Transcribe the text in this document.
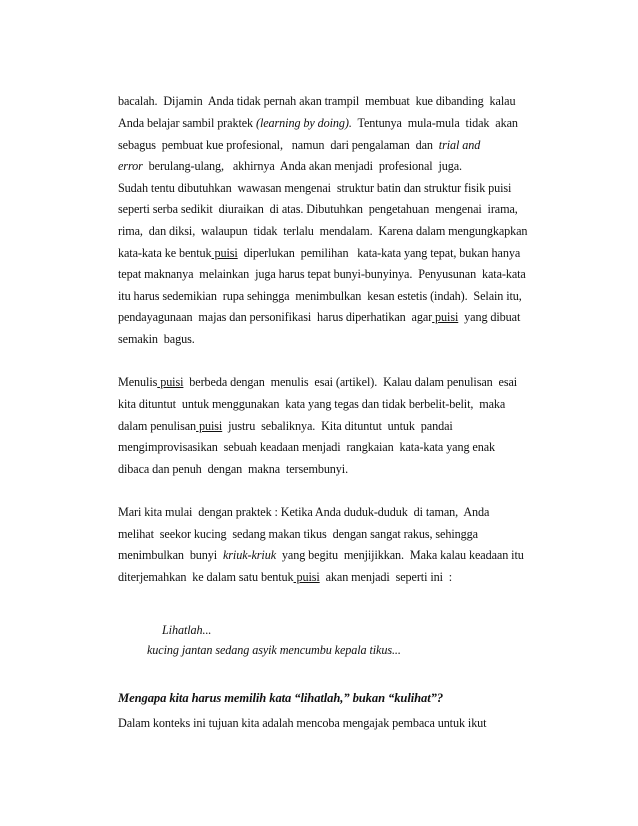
bacalah.  Dijamin  Anda tidak pernah akan trampil  membuat  kue dibanding  kalau
Anda belajar sambil praktek (learning by doing).  Tentunya  mula-mula  tidak  akan
sebagus  pembuat kue profesional,   namun  dari pengalaman  dan  trial and
error  berulang-ulang,   akhirnya  Anda akan menjadi  profesional  juga.
Sudah tentu dibutuhkan  wawasan mengenai  struktur batin dan struktur fisik puisi
seperti serba sedikit  diuraikan  di atas. Dibutuhkan  pengetahuan  mengenai  irama,
rima,  dan diksi,  walaupun  tidak  terlalu  mendalam.  Karena dalam mengungkapkan
kata-kata ke bentuk puisi  diperlukan  pemilihan   kata-kata yang tepat, bukan hanya
tepat maknanya  melainkan  juga harus tepat bunyi-bunyinya.  Penyusunan  kata-kata
itu harus sedemikian  rupa sehingga  menimbulkan  kesan estetis (indah).  Selain itu,
pendayagunaan  majas dan personifikasi  harus diperhatikan  agar puisi  yang dibuat
semakin  bagus.
Menulis puisi  berbeda dengan  menulis  esai (artikel).  Kalau dalam penulisan  esai
kita dituntut  untuk menggunakan  kata yang tegas dan tidak berbelit-belit,  maka
dalam penulisan puisi  justru  sebaliknya.  Kita dituntut  untuk  pandai
mengimprovisasikan  sebuah keadaan menjadi  rangkaian  kata-kata yang enak
dibaca dan penuh  dengan  makna  tersembunyi.
Mari kita mulai  dengan praktek : Ketika Anda duduk-duduk  di taman,  Anda
melihat  seekor kucing  sedang makan tikus  dengan sangat rakus, sehingga
menimbulkan  bunyi  kriuk-kriuk  yang begitu  menjijikkan.  Maka kalau keadaan itu
diterjemahkan  ke dalam satu bentuk puisi  akan menjadi  seperti ini  :
Lihatlah...
kucing jantan sedang asyik mencumbu kepala tikus...
Mengapa kita harus memilih kata “lihatlah,” bukan “kulihat”?
Dalam konteks ini tujuan kita adalah mencoba mengajak pembaca untuk ikut
